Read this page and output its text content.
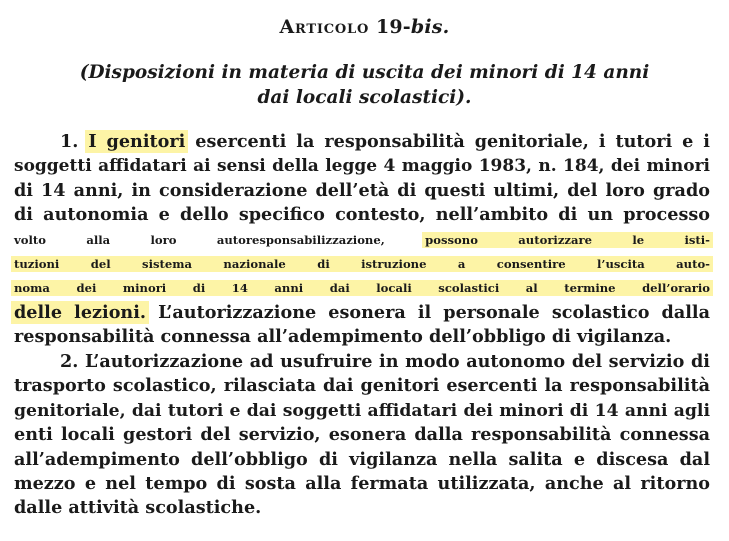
Articolo 19-bis.
(Disposizioni in materia di uscita dei minori di 14 anni
dai locali scolastici).
1. I genitori esercenti la responsabilità genitoriale, i tutori e i
soggetti affidatari ai sensi della legge 4 maggio 1983, n. 184, dei minori
di 14 anni, in considerazione dell’età di questi ultimi, del loro grado
di autonomia e dello specifico contesto, nell’ambito di un processo
volto alla loro autoresponsabilizzazione,	possono autorizzare le isti-
tuzioni del sistema nazionale di istruzione a consentire l’uscita auto-
noma dei minori di 14 anni dai locali scolastici al termine dell’orario
delle lezioni. L’autorizzazione esonera il personale scolastico dalla
responsabilità connessa all’adempimento dell’obbligo di vigilanza.
2. L’autorizzazione ad usufruire in modo autonomo del servizio di
trasporto scolastico, rilasciata dai genitori esercenti la responsabilità
genitoriale, dai tutori e dai soggetti affidatari dei minori di 14 anni agli
enti locali gestori del servizio, esonera dalla responsabilità connessa
all’adempimento dell’obbligo di vigilanza nella salita e discesa dal
mezzo e nel tempo di sosta alla fermata utilizzata, anche al ritorno
dalle attività scolastiche.
